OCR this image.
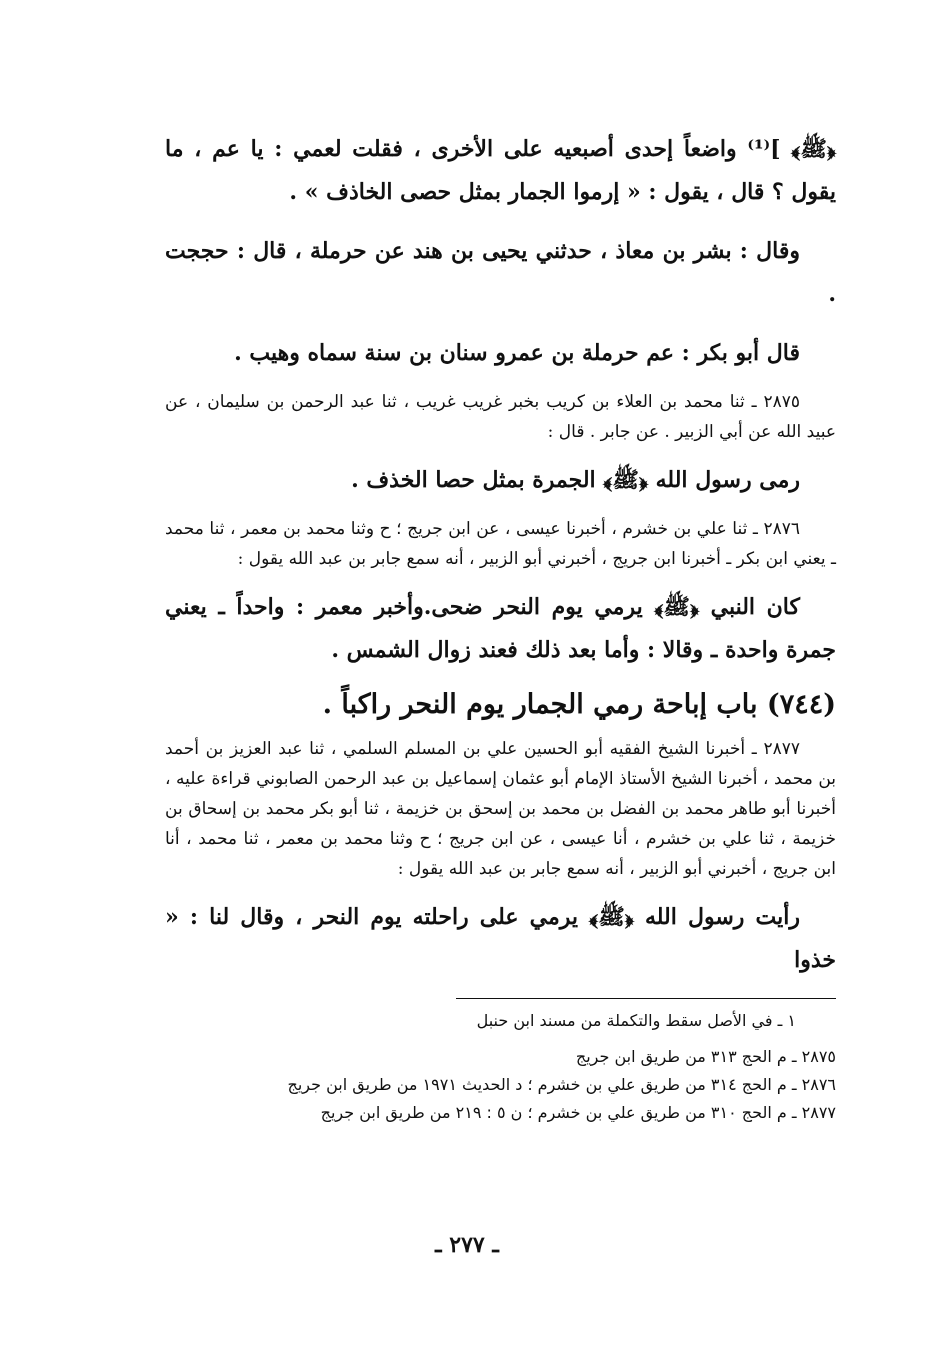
﴿ﷺ﴾ ]⁽¹⁾ واضعاً إحدى أصبعيه على الأخرى ، فقلت لعمي : يا عم ، ما يقول ؟ قال ، يقول : « إرموا الجمار بمثل حصى الخاذف » .

وقال : بشر بن معاذ ، حدثني يحيى بن هند عن حرملة ، قال : حججت .

قال أبو بكر : عم حرملة بن عمرو سنان بن سنة سماه وهيب .

٢٨٧٥ ـ ثنا محمد بن العلاء بن كريب بخبر غريب غريب ، ثنا عبد الرحمن بن سليمان ، عن عبيد الله عن أبي الزبير . عن جابر . قال :

رمى رسول الله ﴿ﷺ﴾ الجمرة بمثل حصا الخذف .

٢٨٧٦ ـ ثنا علي بن خشرم ، أخبرنا عيسى ، عن ابن جريج ؛ ح وثنا محمد بن معمر ، ثنا محمد ـ يعني ابن بكر ـ أخبرنا ابن جريج ، أخبرني أبو الزبير ، أنه سمع جابر بن عبد الله يقول :

كان النبي ﴿ﷺ﴾ يرمي يوم النحر ضحى.وأخبر معمر : واحداً ـ يعني جمرة واحدة ـ وقالا : وأما بعد ذلك فعند زوال الشمس .

(٧٤٤) باب إباحة رمي الجمار يوم النحر راكباً .

٢٨٧٧ ـ أخبرنا الشيخ الفقيه أبو الحسين علي بن المسلم السلمي ، ثنا عبد العزيز بن أحمد بن محمد ، أخبرنا الشيخ الأستاذ الإمام أبو عثمان إسماعيل بن عبد الرحمن الصابوني قراءة عليه ، أخبرنا أبو طاهر محمد بن الفضل بن محمد بن إسحق بن خزيمة ، ثنا أبو بكر محمد بن إسحاق بن خزيمة ، ثنا علي بن خشرم ، أنا عيسى ، عن ابن جريج ؛ ح وثنا محمد بن معمر ، ثنا محمد ، أنا ابن جريج ، أخبرني أبو الزبير ، أنه سمع جابر بن عبد الله يقول :

رأيت رسول الله ﴿ﷺ﴾ يرمي على راحلته يوم النحر ، وقال لنا : « خذوا

١ ـ في الأصل سقط والتكملة من مسند ابن حنبل

٢٨٧٥ ـ م الحج ٣١٣ من طريق ابن جريج

٢٨٧٦ ـ م الحج ٣١٤ من طريق علي بن خشرم ؛ د الحديث ١٩٧١ من طريق ابن جريج

٢٨٧٧ ـ م الحج ٣١٠ من طريق علي بن خشرم ؛ ن ٥ : ٢١٩ من طريق ابن جريج

ـ ٢٧٧ ـ
